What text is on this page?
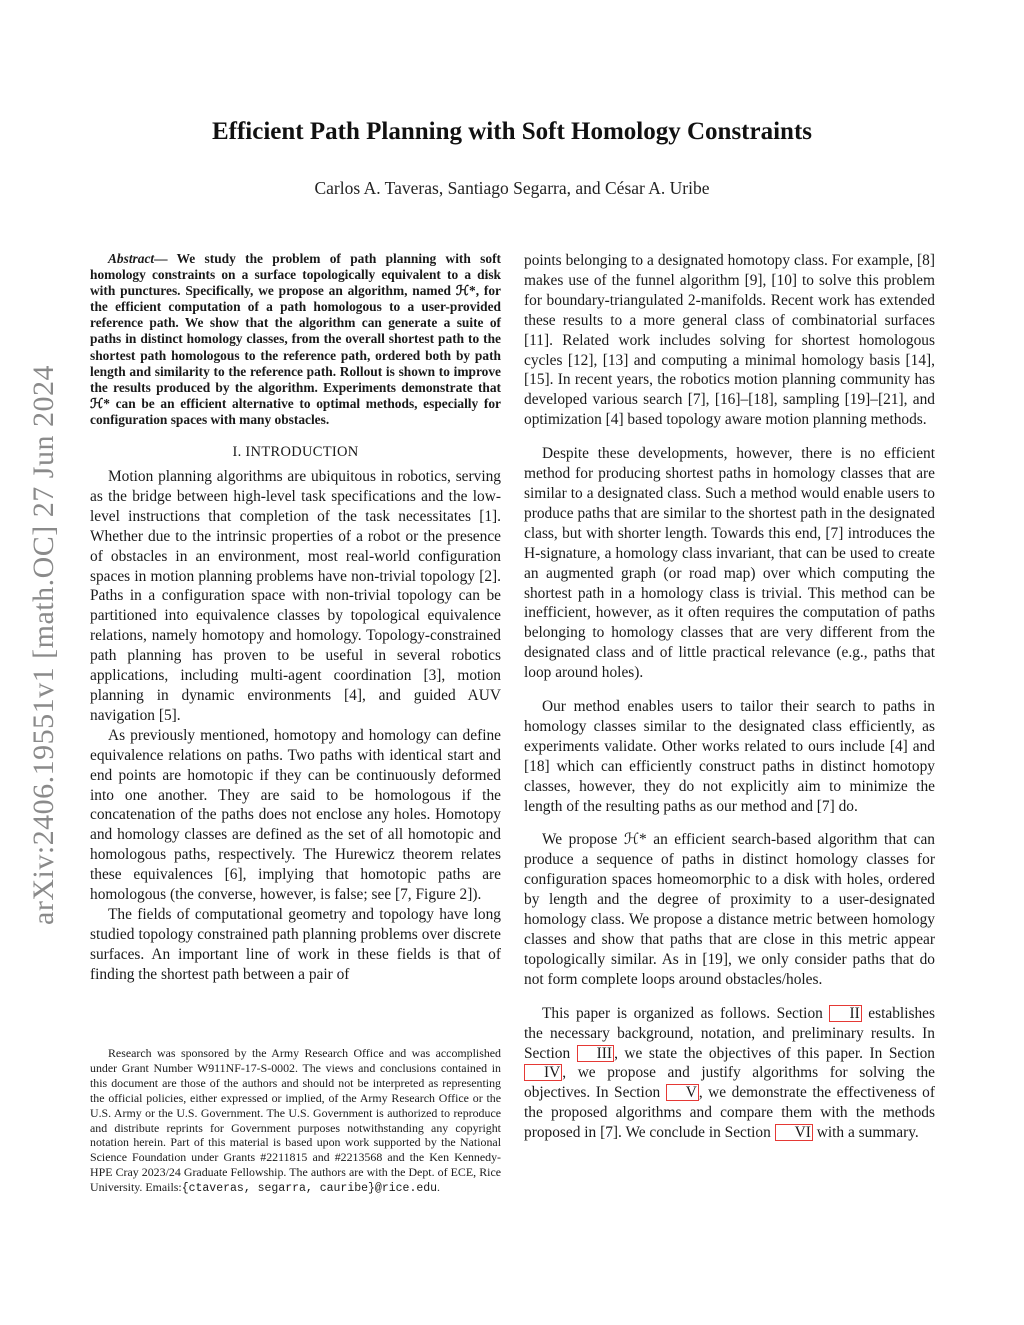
arXiv:2406.19551v1 [math.OC] 27 Jun 2024
Efficient Path Planning with Soft Homology Constraints
Carlos A. Taveras, Santiago Segarra, and César A. Uribe

Abstract— We study the problem of path planning with soft homology constraints on a surface topologically equivalent to a disk with punctures. Specifically, we propose an algorithm, named ℋ*, for the efficient computation of a path homologous to a user-provided reference path. We show that the algorithm can generate a suite of paths in distinct homology classes, from the overall shortest path to the shortest path homologous to the reference path, ordered both by path length and similarity to the reference path. Rollout is shown to improve the results produced by the algorithm. Experiments demonstrate that ℋ* can be an efficient alternative to optimal methods, especially for configuration spaces with many obstacles.

I. INTRODUCTION

Motion planning algorithms are ubiquitous in robotics, serving as the bridge between high-level task specifications and the low-level instructions that completion of the task necessitates [1]. Whether due to the intrinsic properties of a robot or the presence of obstacles in an environment, most real-world configuration spaces in motion planning problems have non-trivial topology [2]. Paths in a configuration space with non-trivial topology can be partitioned into equivalence classes by topological equivalence relations, namely homotopy and homology. Topology-constrained path planning has proven to be useful in several robotics applications, including multi-agent coordination [3], motion planning in dynamic environments [4], and guided AUV navigation [5].

As previously mentioned, homotopy and homology can define equivalence relations on paths. Two paths with identical start and end points are homotopic if they can be continuously deformed into one another. They are said to be homologous if the concatenation of the paths does not enclose any holes. Homotopy and homology classes are defined as the set of all homotopic and homologous paths, respectively. The Hurewicz theorem relates these equivalences [6], implying that homotopic paths are homologous (the converse, however, is false; see [7, Figure 2]).

The fields of computational geometry and topology have long studied topology constrained path planning problems over discrete surfaces. An important line of work in these fields is that of finding the shortest path between a pair of

Research was sponsored by the Army Research Office and was accomplished under Grant Number W911NF-17-S-0002. The views and conclusions contained in this document are those of the authors and should not be interpreted as representing the official policies, either expressed or implied, of the Army Research Office or the U.S. Army or the U.S. Government. The U.S. Government is authorized to reproduce and distribute reprints for Government purposes notwithstanding any copyright notation herein. Part of this material is based upon work supported by the National Science Foundation under Grants #2211815 and #2213568 and the Ken Kennedy-HPE Cray 2023/24 Graduate Fellowship. The authors are with the Dept. of ECE, Rice University. Emails:{ctaveras, segarra, cauribe}@rice.edu.

points belonging to a designated homotopy class. For example, [8] makes use of the funnel algorithm [9], [10] to solve this problem for boundary-triangulated 2-manifolds. Recent work has extended these results to a more general class of combinatorial surfaces [11]. Related work includes solving for shortest homologous cycles [12], [13] and computing a minimal homology basis [14], [15]. In recent years, the robotics motion planning community has developed various search [7], [16]–[18], sampling [19]–[21], and optimization [4] based topology aware motion planning methods.

Despite these developments, however, there is no efficient method for producing shortest paths in homology classes that are similar to a designated class. Such a method would enable users to produce paths that are similar to the shortest path in the designated class, but with shorter length. Towards this end, [7] introduces the H-signature, a homology class invariant, that can be used to create an augmented graph (or road map) over which computing the shortest path in a homology class is trivial. This method can be inefficient, however, as it often requires the computation of paths belonging to homology classes that are very different from the designated class and of little practical relevance (e.g., paths that loop around holes).

Our method enables users to tailor their search to paths in homology classes similar to the designated class efficiently, as experiments validate. Other works related to ours include [4] and [18] which can efficiently construct paths in distinct homotopy classes, however, they do not explicitly aim to minimize the length of the resulting paths as our method and [7] do.

We propose ℋ* an efficient search-based algorithm that can produce a sequence of paths in distinct homology classes for configuration spaces homeomorphic to a disk with holes, ordered by length and the degree of proximity to a user-designated homology class. We propose a distance metric between homology classes and show that paths that are close in this metric appear topologically similar. As in [19], we only consider paths that do not form complete loops around obstacles/holes.

This paper is organized as follows. Section II establishes the necessary background, notation, and preliminary results. In Section III , we state the objectives of this paper. In Section IV , we propose and justify algorithms for solving the objectives. In Section V , we demonstrate the effectiveness of the proposed algorithms and compare them with the methods proposed in [7]. We conclude in Section VI with a summary.
